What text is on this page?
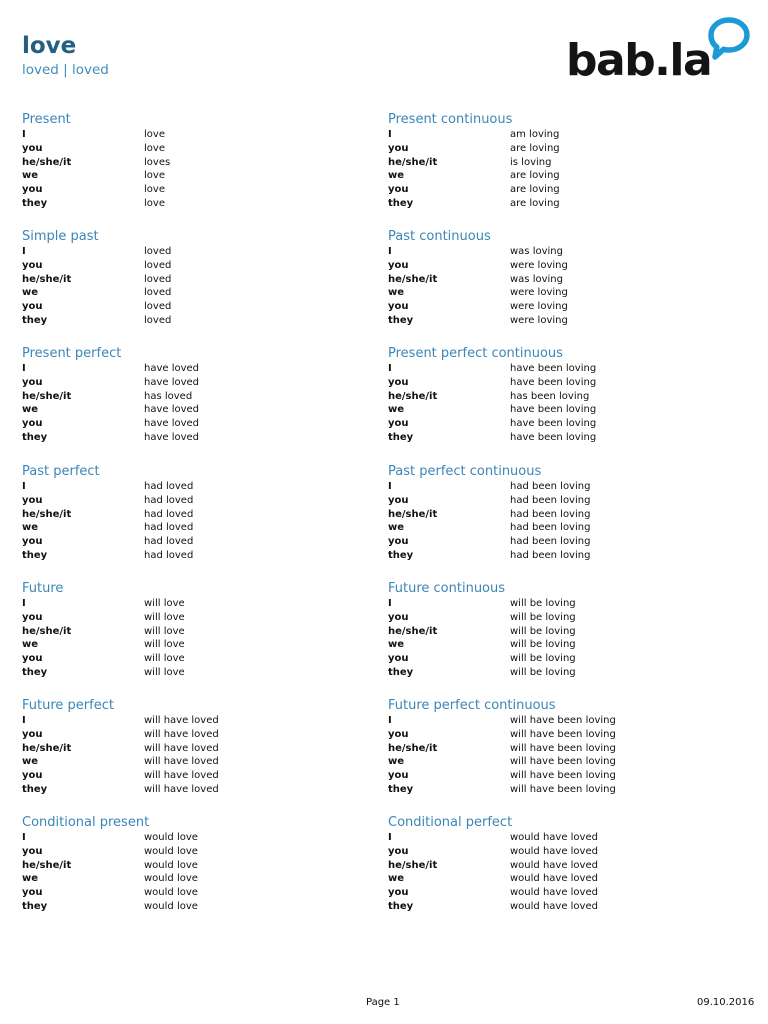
love
loved | loved	bab.la
Present
I	love
you	love
he/she/it	loves
we	love
you	love
they	love
Present continuous
I	am loving
you	are loving
he/she/it	is loving
we	are loving
you	are loving
they	are loving
Simple past
I	loved
you	loved
he/she/it	loved
we	loved
you	loved
they	loved
Past continuous
I	was loving
you	were loving
he/she/it	was loving
we	were loving
you	were loving
they	were loving
Present perfect
I	have loved
you	have loved
he/she/it	has loved
we	have loved
you	have loved
they	have loved
Present perfect continuous
I	have been loving
you	have been loving
he/she/it	has been loving
we	have been loving
you	have been loving
they	have been loving
Past perfect
I	had loved
you	had loved
he/she/it	had loved
we	had loved
you	had loved
they	had loved
Past perfect continuous
I	had been loving
you	had been loving
he/she/it	had been loving
we	had been loving
you	had been loving
they	had been loving
Future
I	will love
you	will love
he/she/it	will love
we	will love
you	will love
they	will love
Future continuous
I	will be loving
you	will be loving
he/she/it	will be loving
we	will be loving
you	will be loving
they	will be loving
Future perfect
I	will have loved
you	will have loved
he/she/it	will have loved
we	will have loved
you	will have loved
they	will have loved
Future perfect continuous
I	will have been loving
you	will have been loving
he/she/it	will have been loving
we	will have been loving
you	will have been loving
they	will have been loving
Conditional present
I	would love
you	would love
he/she/it	would love
we	would love
you	would love
they	would love
Conditional perfect
I	would have loved
you	would have loved
he/she/it	would have loved
we	would have loved
you	would have loved
they	would have loved
Page 1	09.10.2016
